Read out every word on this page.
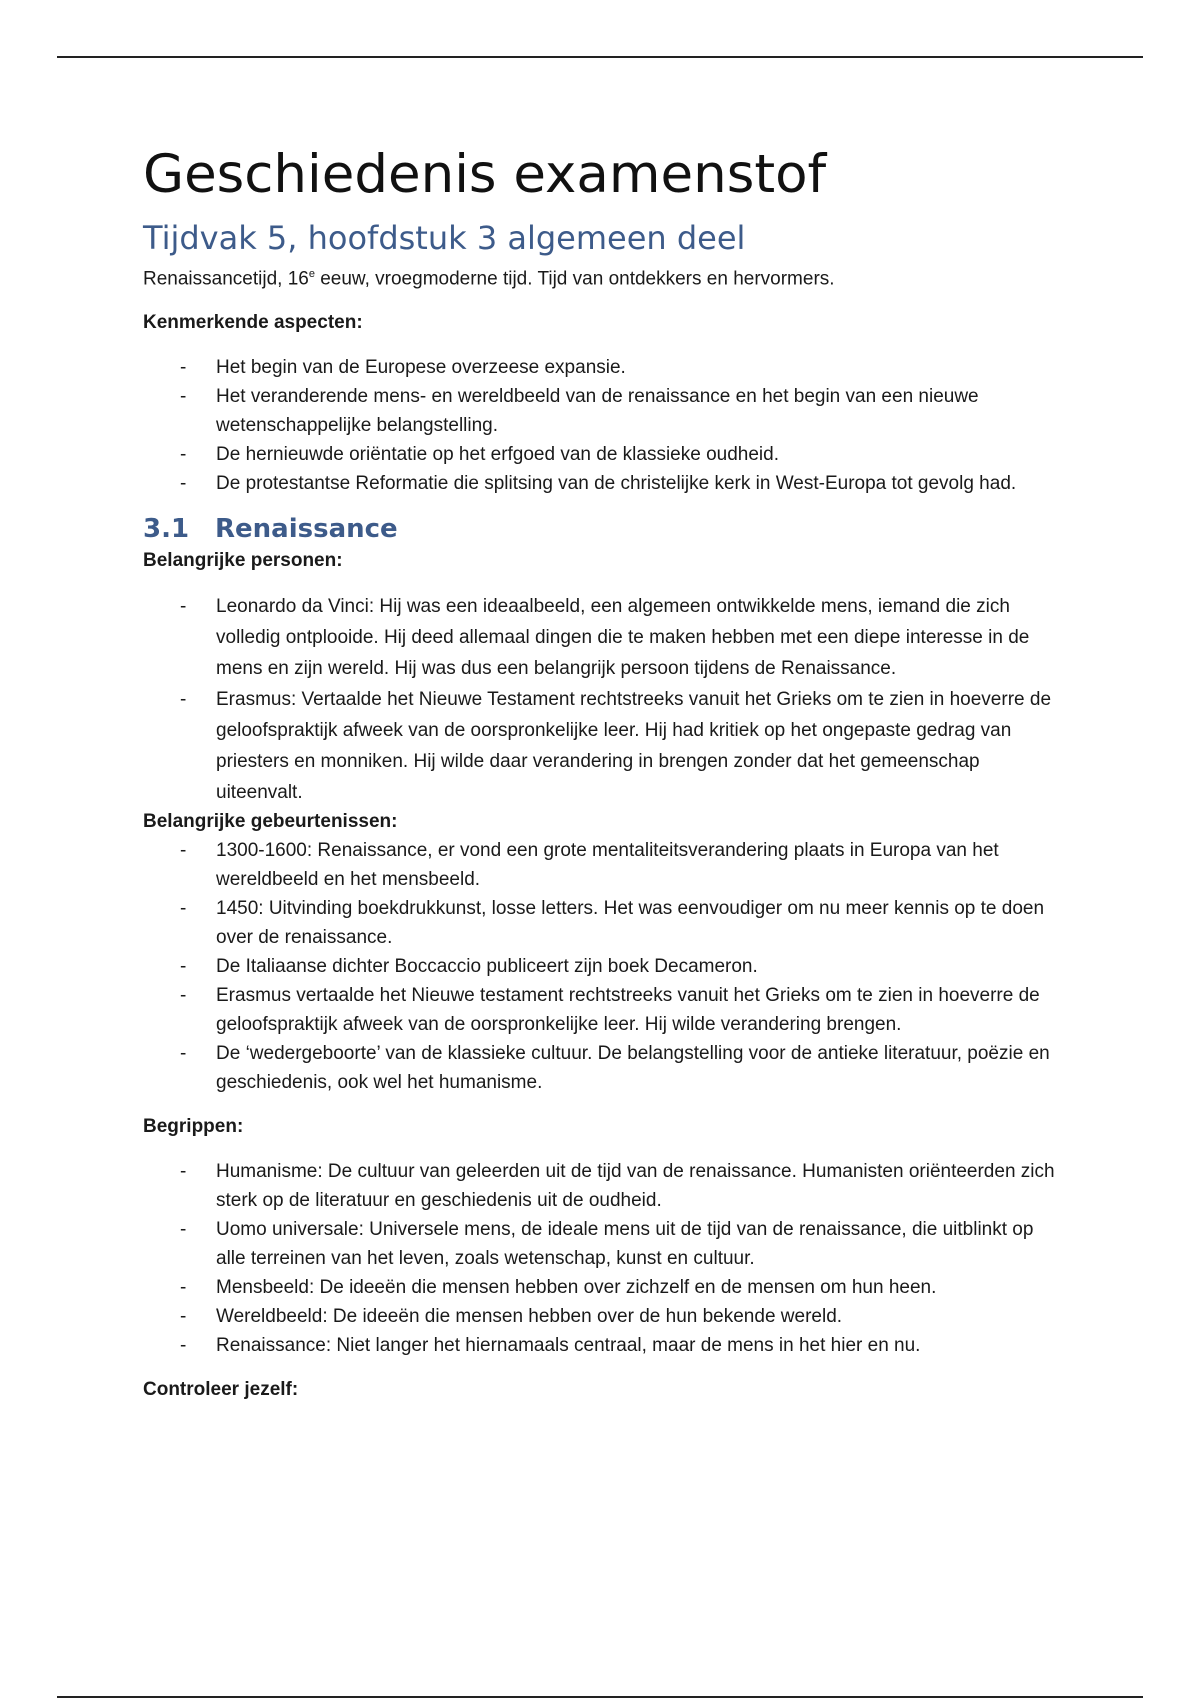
Geschiedenis examenstof
Tijdvak 5, hoofdstuk 3 algemeen deel

Renaissancetijd, 16e eeuw, vroegmoderne tijd. Tijd van ontdekkers en hervormers.

Kenmerkende aspecten:

- Het begin van de Europese overzeese expansie.
- Het veranderende mens- en wereldbeeld van de renaissance en het begin van een nieuwe wetenschappelijke belangstelling.
- De hernieuwde oriëntatie op het erfgoed van de klassieke oudheid.
- De protestantse Reformatie die splitsing van de christelijke kerk in West-Europa tot gevolg had.
3.1 Renaissance

Belangrijke personen:

- Leonardo da Vinci: Hij was een ideaalbeeld, een algemeen ontwikkelde mens, iemand die zich volledig ontplooide. Hij deed allemaal dingen die te maken hebben met een diepe interesse in de mens en zijn wereld. Hij was dus een belangrijk persoon tijdens de Renaissance.
- Erasmus: Vertaalde het Nieuwe Testament rechtstreeks vanuit het Grieks om te zien in hoeverre de geloofspraktijk afweek van de oorspronkelijke leer. Hij had kritiek op het ongepaste gedrag van priesters en monniken. Hij wilde daar verandering in brengen zonder dat het gemeenschap uiteenvalt.

Belangrijke gebeurtenissen:

- 1300-1600: Renaissance, er vond een grote mentaliteitsverandering plaats in Europa van het wereldbeeld en het mensbeeld.
- 1450: Uitvinding boekdrukkunst, losse letters. Het was eenvoudiger om nu meer kennis op te doen over de renaissance.
- De Italiaanse dichter Boccaccio publiceert zijn boek Decameron.
- Erasmus vertaalde het Nieuwe testament rechtstreeks vanuit het Grieks om te zien in hoeverre de geloofspraktijk afweek van de oorspronkelijke leer. Hij wilde verandering brengen.
- De ‘wedergeboorte’ van de klassieke cultuur. De belangstelling voor de antieke literatuur, poëzie en geschiedenis, ook wel het humanisme.

Begrippen:

- Humanisme: De cultuur van geleerden uit de tijd van de renaissance. Humanisten oriënteerden zich sterk op de literatuur en geschiedenis uit de oudheid.
- Uomo universale: Universele mens, de ideale mens uit de tijd van de renaissance, die uitblinkt op alle terreinen van het leven, zoals wetenschap, kunst en cultuur.
- Mensbeeld: De ideeën die mensen hebben over zichzelf en de mensen om hun heen.
- Wereldbeeld: De ideeën die mensen hebben over de hun bekende wereld.
- Renaissance: Niet langer het hiernamaals centraal, maar de mens in het hier en nu.

Controleer jezelf:
